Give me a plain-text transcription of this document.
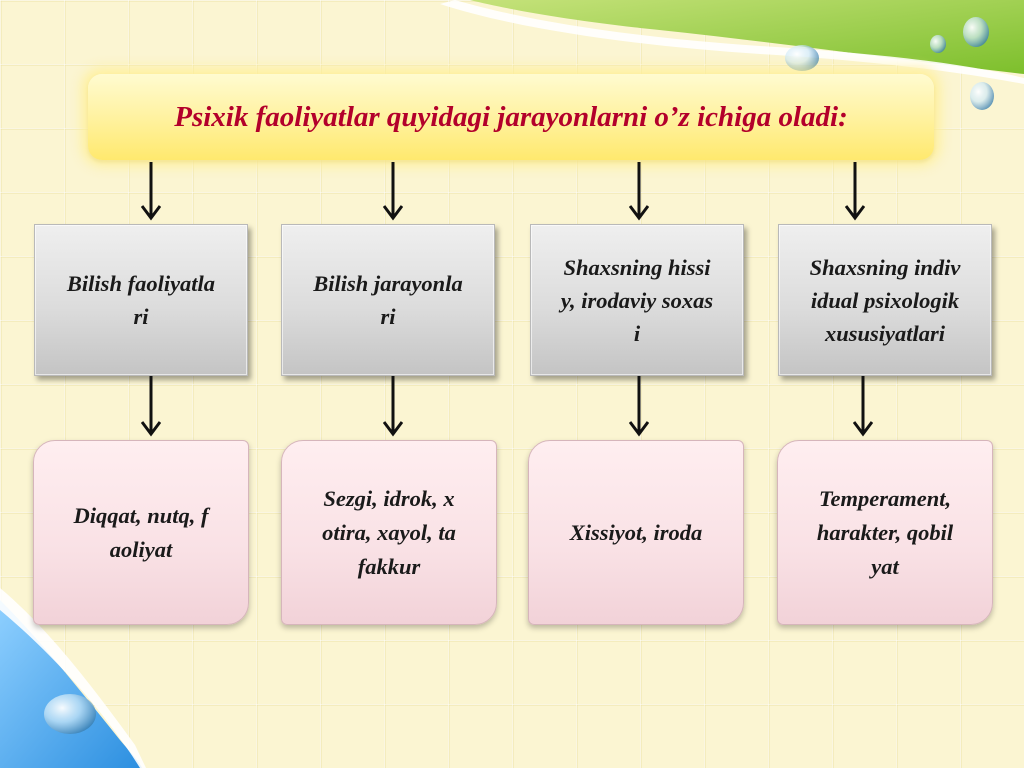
Psixik faoliyatlar quyidagi jarayonlarni o’z ichiga oladi:
Bilish faoliyatla
ri
Bilish jarayonla
ri
Shaxsning hissi
y, irodaviy soxas
i
Shaxsning indiv
idual psixologik
xususiyatlari
Diqqat, nutq, f
aoliyat
Sezgi, idrok, x
otira, xayol, ta
fakkur
Xissiyot, iroda
Temperament,
harakter, qobil
yat
